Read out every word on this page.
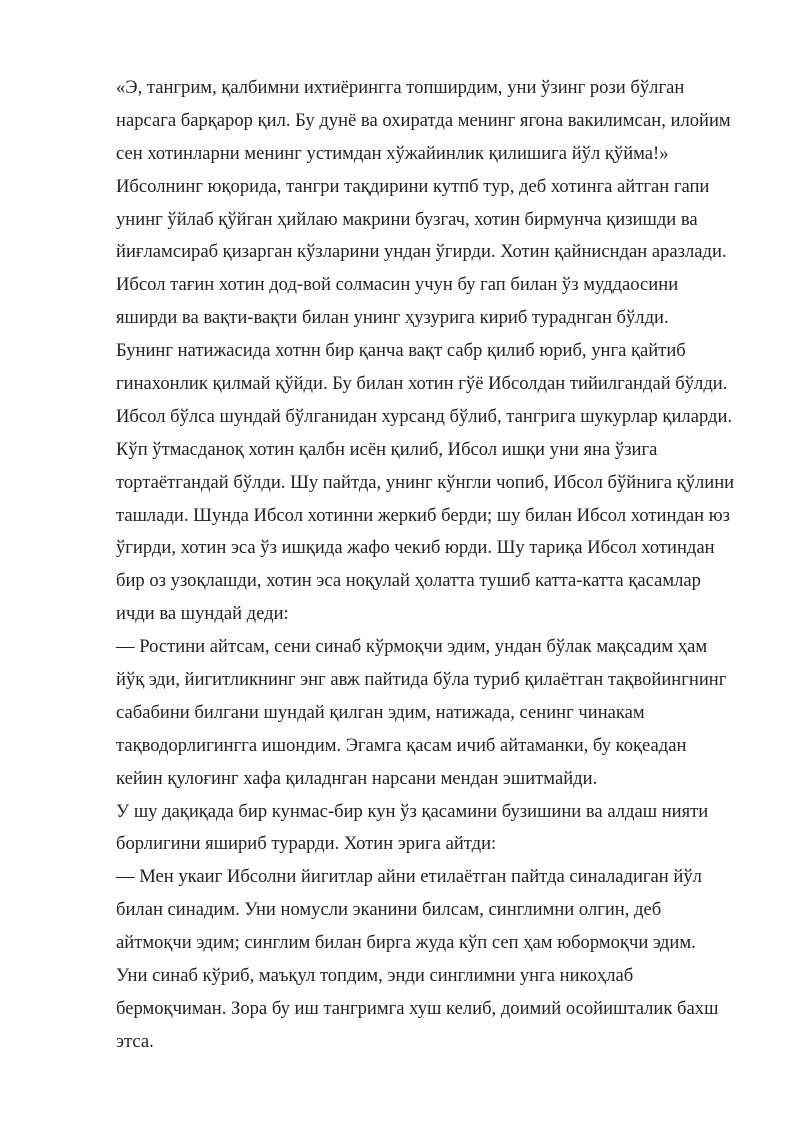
«Э, тангрим, қалбимни ихтиёрингга топширдим, уни ўзинг рози бўлган
нарсага барқарор қил. Бу дунё ва охиратда менинг ягона вакилимсан, илойим
сен хотинларни менинг устимдан хўжайинлик қилишига йўл қўйма!»
Ибсолнинг юқорида, тангри тақдирини кутпб тур, деб хотинга айтган гапи
унинг ўйлаб қўйган ҳийлаю макрини бузгач, хотин бирмунча қизишди ва
йиғламсираб қизарган кўзларини ундан ўгирди. Хотин қайнисндан аразлади.
Ибсол тағин хотин дод-вой солмасин учун бу гап билан ўз муддаосини
яширди ва вақти-вақти билан унинг ҳузурига кириб тураднган бўлди.
Бунинг натижасида хотнн бир қанча вақт сабр қилиб юриб, унга қайтиб
гинахонлик қилмай қўйди. Бу билан хотин гўё Ибсолдан тийилгандай бўлди.
Ибсол бўлса шундай бўлганидан хурсанд бўлиб, тангрига шукурлар қиларди.
Кўп ўтмасданоқ хотин қалбн исён қилиб, Ибсол ишқи уни яна ўзига
тортаётгандай бўлди. Шу пайтда, унинг кўнгли чопиб, Ибсол бўйнига қўлини
ташлади. Шунда Ибсол хотинни жеркиб берди; шу билан Ибсол хотиндан юз
ўгирди, хотин эса ўз ишқида жафо чекиб юрди. Шу тариқа Ибсол хотиндан
бир оз узоқлашди, хотин эса ноқулай ҳолатта тушиб катта-катта қасамлар
ичди ва шундай деди:
— Ростини айтсам, сени синаб кўрмоқчи эдим, ундан бўлак мақсадим ҳам
йўқ эди, йигитликнинг энг авж пайтида бўла туриб қилаётган тақвойингнинг
сабабини билгани шундай қилган эдим, натижада, сенинг чинакам
тақводорлигингга ишондим. Эгамга қасам ичиб айтаманки, бу коқеадан
кейин қулоғинг хафа қиладнган нарсани мендан эшитмайди.
У шу дақиқада бир кунмас-бир кун ўз қасамини бузишини ва алдаш нияти
борлигини яшириб турарди. Хотин эрига айтди:
— Мен укаиг Ибсолни йигитлар айни етилаётган пайтда синаладиган йўл
билан синадим. Уни номусли эканини билсам, синглимни олгин, деб
айтмоқчи эдим; синглим билан бирга жуда кўп сеп ҳам юбормоқчи эдим.
Уни синаб кўриб, маъқул топдим, энди синглимни унга никоҳлаб
бермоқчиман. Зора бу иш тангримга хуш келиб, доимий осойишталик бахш
этса.
